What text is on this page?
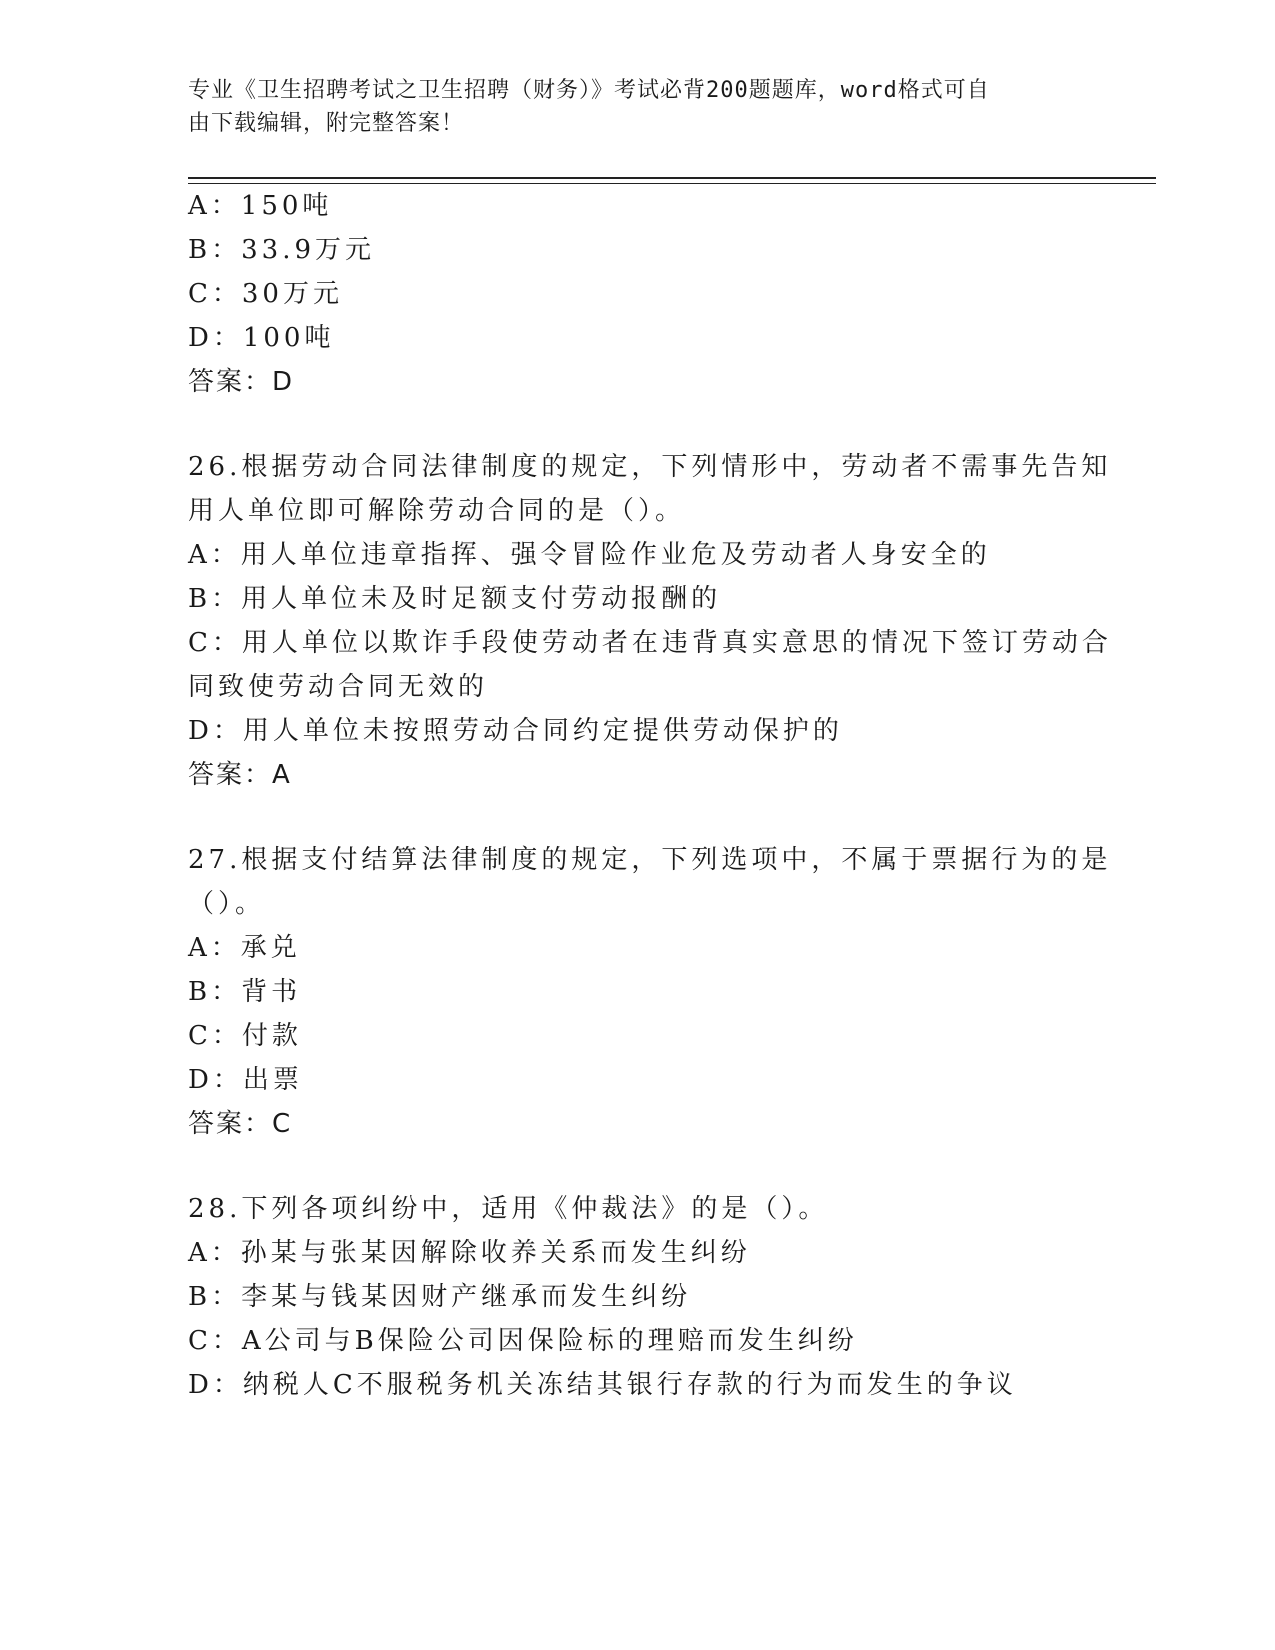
专业《卫生招聘考试之卫生招聘（财务）》考试必背200题题库，word格式可自
由下载编辑，附完整答案！
A：150吨
B：33.9万元
C：30万元
D：100吨
答案：D
26.根据劳动合同法律制度的规定，下列情形中，劳动者不需事先告知
用人单位即可解除劳动合同的是（）。
A：用人单位违章指挥、强令冒险作业危及劳动者人身安全的
B：用人单位未及时足额支付劳动报酬的
C：用人单位以欺诈手段使劳动者在违背真实意思的情况下签订劳动合
同致使劳动合同无效的
D：用人单位未按照劳动合同约定提供劳动保护的
答案：A
27.根据支付结算法律制度的规定，下列选项中，不属于票据行为的是
（）。
A：承兑
B：背书
C：付款
D：出票
答案：C
28.下列各项纠纷中，适用《仲裁法》的是（）。
A：孙某与张某因解除收养关系而发生纠纷
B：李某与钱某因财产继承而发生纠纷
C：A公司与B保险公司因保险标的理赔而发生纠纷
D：纳税人C不服税务机关冻结其银行存款的行为而发生的争议
